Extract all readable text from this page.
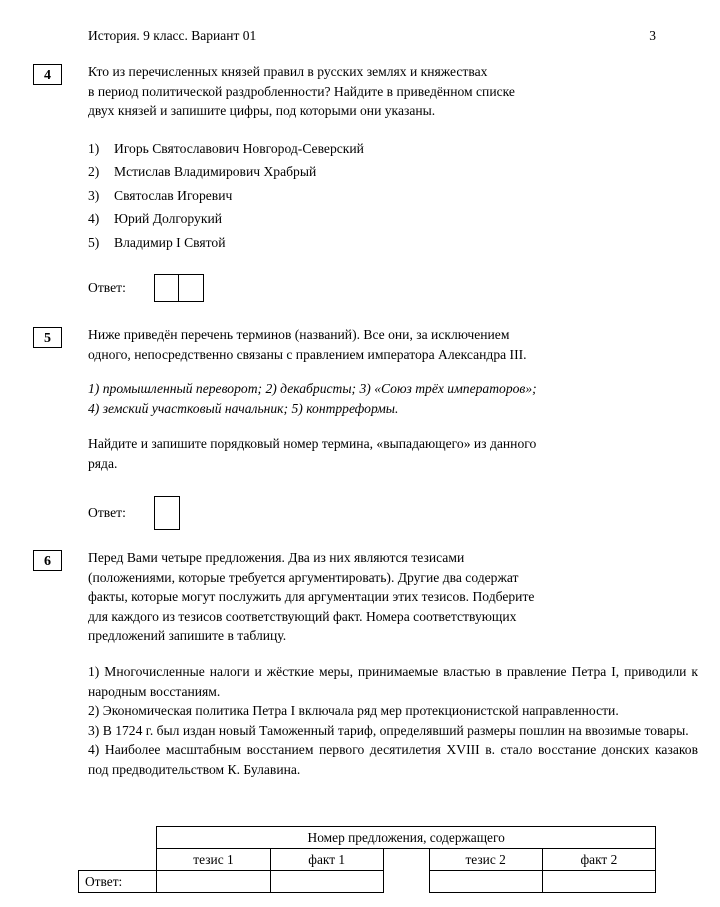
История. 9 класс. Вариант 01	3
4	Кто из перечисленных князей правил в русских землях и княжествах
в период политической раздробленности? Найдите в приведённом списке
двух князей и запишите цифры, под которыми они указаны.
1)	Игорь Святославович Новгород-Северский
2)	Мстислав Владимирович Храбрый
3)	Святослав Игоревич
4)	Юрий Долгорукий
5)	Владимир I Святой
Ответ:
5	Ниже приведён перечень терминов (названий). Все они, за исключением
одного, непосредственно связаны с правлением императора Александра III.
1) промышленный переворот; 2) декабристы; 3) «Союз трёх императоров»;
4) земский участковый начальник; 5) контрреформы.
Найдите и запишите порядковый номер термина, «выпадающего» из данного
ряда.
Ответ:
6	Перед Вами четыре предложения. Два из них являются тезисами
(положениями, которые требуется аргументировать). Другие два содержат
факты, которые могут послужить для аргументации этих тезисов. Подберите
для каждого из тезисов соответствующий факт. Номера соответствующих
предложений запишите в таблицу.
1) Многочисленные налоги и жёсткие меры, принимаемые властью в правление Петра I, приводили к народным восстаниям.
2) Экономическая политика Петра I включала ряд мер протекционистской направленности.
3) В 1724 г. был издан новый Таможенный тариф, определявший размеры пошлин на ввозимые товары.
4) Наиболее масштабным восстанием первого десятилетия XVIII в. стало восстание донских казаков под предводительством К. Булавина.
	Номер предложения, содержащего				
	тезис 1	факт 1		тезис 2	факт 2
Ответ:					
